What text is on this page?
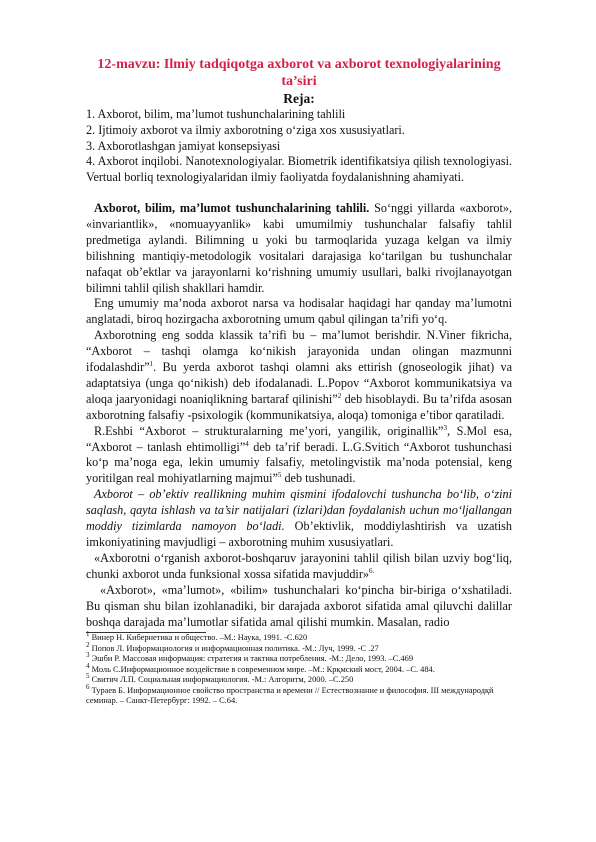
12-mavzu: Ilmiy tadqiqotga axborot va axborot texnologiyalarining ta’siri

Reja:

1. Axborot, bilim, ma’lumot tushunchalarining tahlili

2. Ijtimoiy axborot va ilmiy axborotning o‘ziga xos xususiyatlari.

3. Axborotlashgan jamiyat konsepsiyasi

4. Axborot inqilobi. Nanotexnologiyalar. Biometrik identifikatsiya qilish texnologiyasi. Vertual borliq texnologiyalaridan ilmiy faoliyatda foydalanishning ahamiyati.

Axborot, bilim, ma’lumot tushunchalarining tahlili. So‘nggi yillarda «axborot», «invariantlik», «nomuayyanlik» kabi umumilmiy tushunchalar falsafiy tahlil predmetiga aylandi. Bilimning u yoki bu tarmoqlarida yuzaga kelgan va ilmiy bilishning mantiqiy-metodologik vositalari darajasiga ko‘tarilgan bu tushunchalar nafaqat ob’ektlar va jarayonlarni ko‘rishning umumiy usullari, balki rivojlanayotgan bilimni tahlil qilish shakllari hamdir.

Eng umumiy ma’noda axborot narsa va hodisalar haqidagi har qanday ma’lumotni anglatadi, biroq hozirgacha axborotning umum qabul qilingan ta’rifi yo‘q.

Axborotning eng sodda klassik ta’rifi bu – ma’lumot berishdir. N.Viner fikricha, “Axborot – tashqi olamga ko‘nikish jarayonida undan olingan mazmunni ifodalashdir”$^1$. Bu yerda axborot tashqi olamni aks ettirish (gnoseologik jihat) va adaptatsiya (unga qo‘nikish) deb ifodalanadi. L.Popov “Axborot kommunikatsiya va aloqa jaaryonidagi noaniqlikning bartaraf qilinishi”$^2$ deb hisoblaydi. Bu ta’rifda asosan axborotning falsafiy -psixologik (kommunikatsiya, aloqa) tomoniga e’tibor qaratiladi.

R.Eshbi “Axborot – strukturalarning me’yori, yangilik, originallik”$^3$, S.Mol esa, “Axborot – tanlash ehtimolligi”$^4$ deb ta’rif beradi. L.G.Svitich “Axborot tushunchasi ko‘p ma’noga ega, lekin umumiy falsafiy, metolingvistik ma’noda potensial, keng yoritilgan real mohiyatlarning majmui”$^5$ deb tushunadi.

Axborot – ob’ektiv reallikning muhim qismini ifodalovchi tushuncha bo‘lib, o‘zini saqlash, qayta ishlash va ta’sir natijalari (izlari)dan foydalanish uchun mo‘ljallangan moddiy tizimlarda namoyon bo‘ladi. Ob’ektivlik, moddiylashtirish va uzatish imkoniyatining mavjudligi – axborotning muhim xususiyatlari.

«Axborotni o‘rganish axborot-boshqaruv jarayonini tahlil qilish bilan uzviy bog‘liq, chunki axborot unda funksional xossa sifatida mavjuddir»$^{6.}$

«Axborot», «ma’lumot», «bilim» tushunchalari ko‘pincha bir-biriga o‘xshatiladi. Bu qisman shu bilan izohlanadiki, bir darajada axborot sifatida amal qiluvchi dalillar boshqa darajada ma’lumotlar sifatida amal qilishi mumkin. Masalan, radio

$^1$ Винер Н. Кибернетика и общество. –М.: Наука, 1991. -С.620

$^2$ Попов Л. Информациология и информационная политика. -М.: Луч, 1999. -С .27

$^3$ Эшби Р. Массовая информация: стратегия и тактика потребления. -М.: Дело, 1993. –С.469

$^4$ Моль С.Информационное воздействие в современном мире. –М.: Крқмский мост, 2004. –С. 484.

$^5$ Свитич Л.П. Социальная информациология. -М.: Алгоритм, 2000. –С.250

$^6$ Тураев Б. Информационное свойство пространства и времени // Естествознание и философия. III международқй семинар. – Санкт-Петербург: 1992. – С.64.
